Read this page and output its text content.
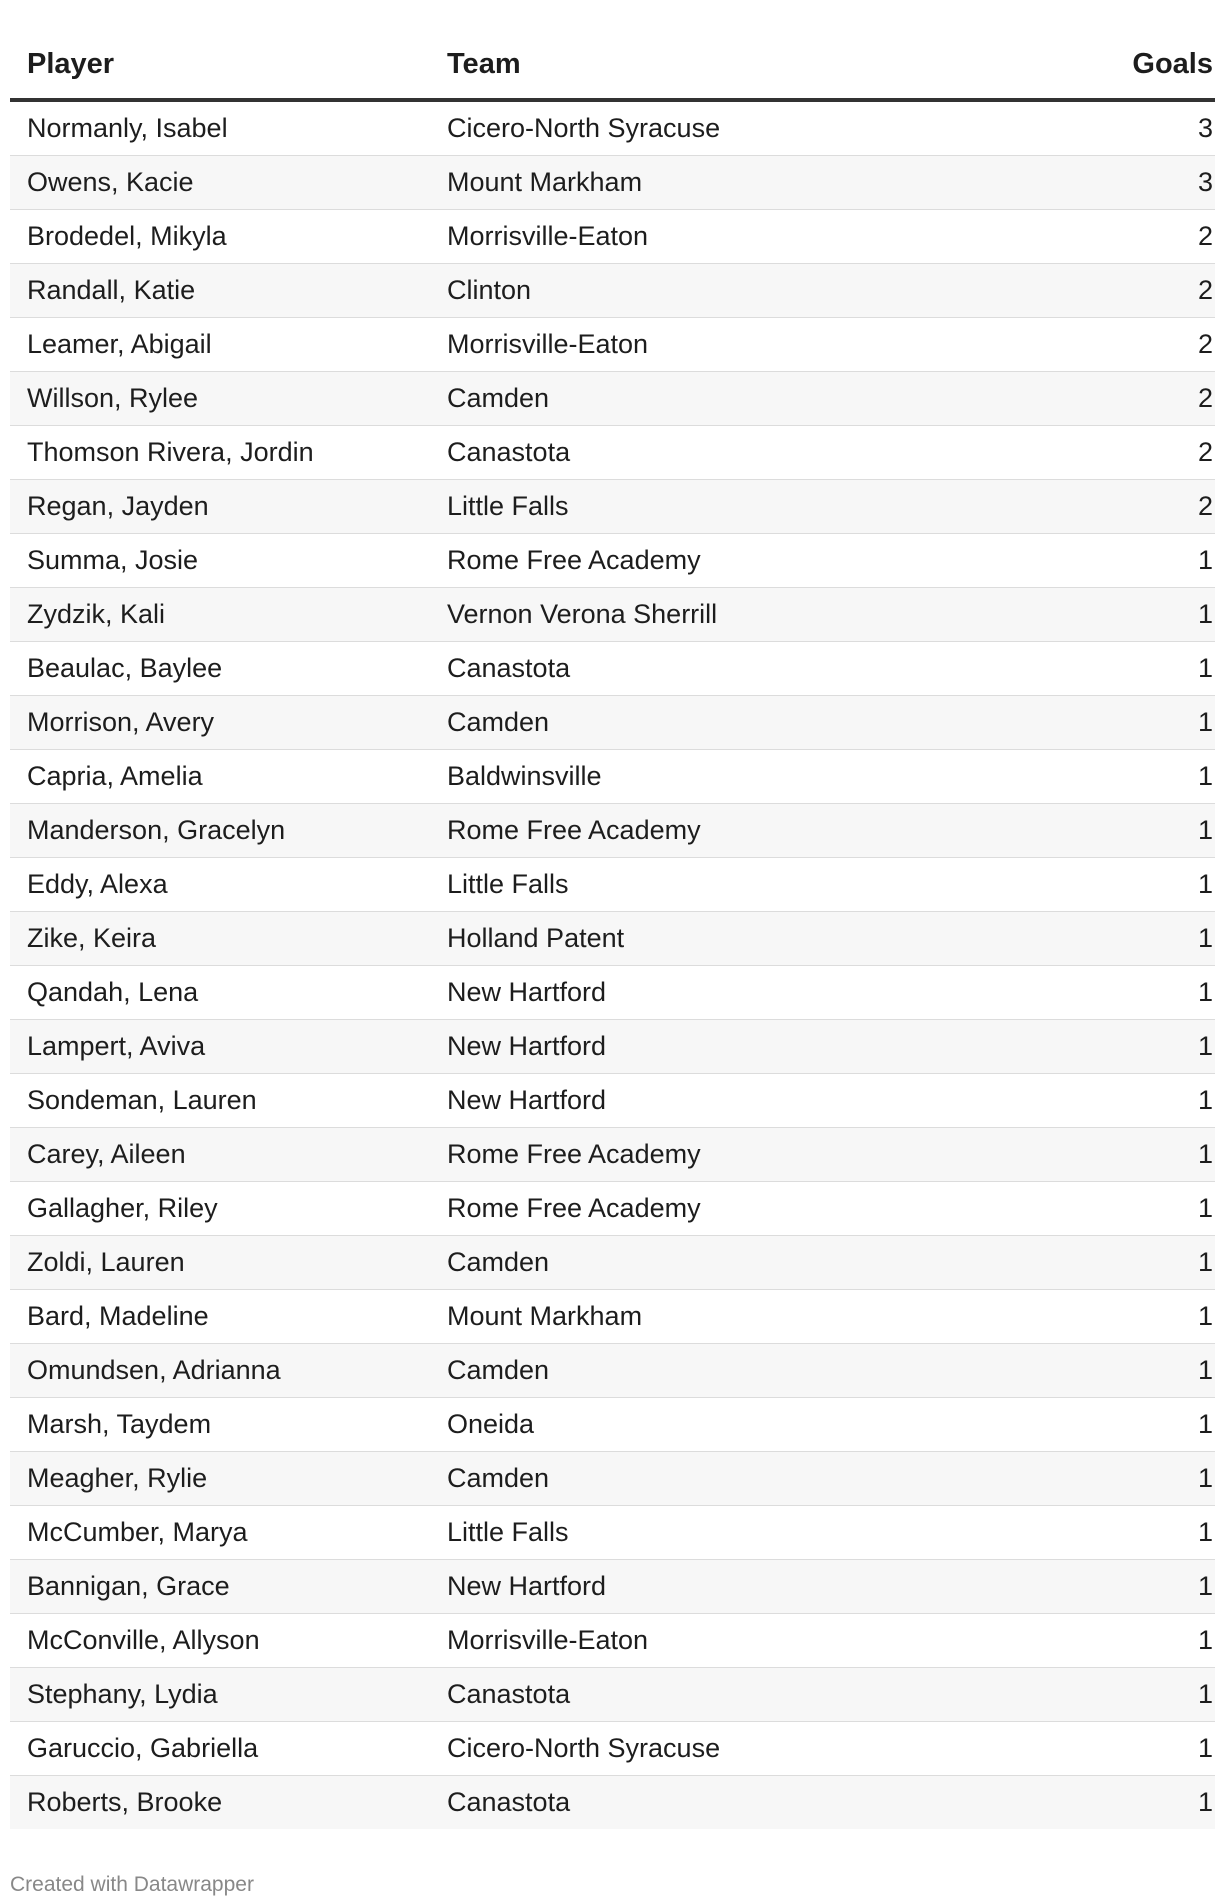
Player	Team	Goals
Normanly, Isabel	Cicero-North Syracuse	3
Owens, Kacie	Mount Markham	3
Brodedel, Mikyla	Morrisville-Eaton	2
Randall, Katie	Clinton	2
Leamer, Abigail	Morrisville-Eaton	2
Willson, Rylee	Camden	2
Thomson Rivera, Jordin	Canastota	2
Regan, Jayden	Little Falls	2
Summa, Josie	Rome Free Academy	1
Zydzik, Kali	Vernon Verona Sherrill	1
Beaulac, Baylee	Canastota	1
Morrison, Avery	Camden	1
Capria, Amelia	Baldwinsville	1
Manderson, Gracelyn	Rome Free Academy	1
Eddy, Alexa	Little Falls	1
Zike, Keira	Holland Patent	1
Qandah, Lena	New Hartford	1
Lampert, Aviva	New Hartford	1
Sondeman, Lauren	New Hartford	1
Carey, Aileen	Rome Free Academy	1
Gallagher, Riley	Rome Free Academy	1
Zoldi, Lauren	Camden	1
Bard, Madeline	Mount Markham	1
Omundsen, Adrianna	Camden	1
Marsh, Taydem	Oneida	1
Meagher, Rylie	Camden	1
McCumber, Marya	Little Falls	1
Bannigan, Grace	New Hartford	1
McConville, Allyson	Morrisville-Eaton	1
Stephany, Lydia	Canastota	1
Garuccio, Gabriella	Cicero-North Syracuse	1
Roberts, Brooke	Canastota	1
Created with Datawrapper
